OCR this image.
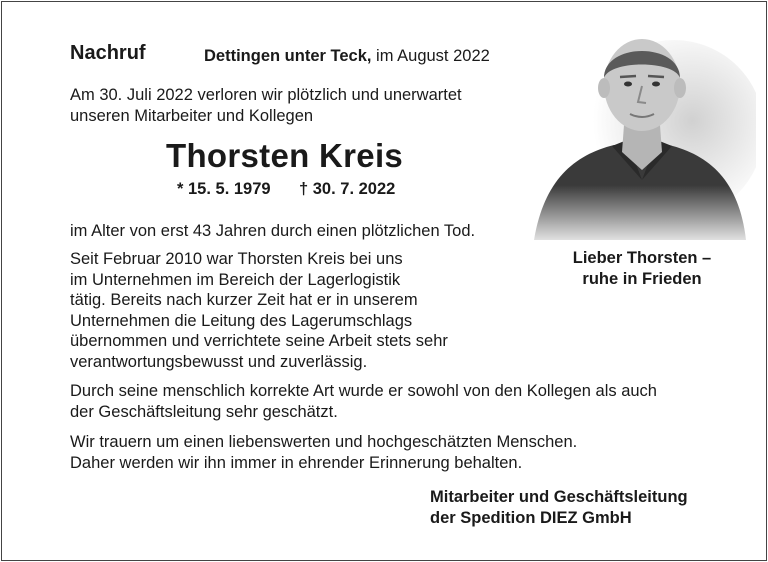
Nachruf	Dettingen unter Teck, im August 2022
Am 30. Juli 2022 verloren wir plötzlich und unerwartet
unseren Mitarbeiter und Kollegen
Thorsten Kreis
* 15. 5. 1979 † 30. 7. 2022
im Alter von erst 43 Jahren durch einen plötzlichen Tod.
Seit Februar 2010 war Thorsten Kreis bei uns
im Unternehmen im Bereich der Lagerlogistik
tätig. Bereits nach kurzer Zeit hat er in unserem
Unternehmen die Leitung des Lagerumschlags
übernommen und verrichtete seine Arbeit stets sehr
verantwortungsbewusst und zuverlässig.
Durch seine menschlich korrekte Art wurde er sowohl von den Kollegen als auch
der Geschäftsleitung sehr geschätzt.
Wir trauern um einen liebenswerten und hochgeschätzten Menschen.
Daher werden wir ihn immer in ehrender Erinnerung behalten.
Lieber Thorsten –
ruhe in Frieden
Mitarbeiter und Geschäftsleitung
der Spedition DIEZ GmbH
